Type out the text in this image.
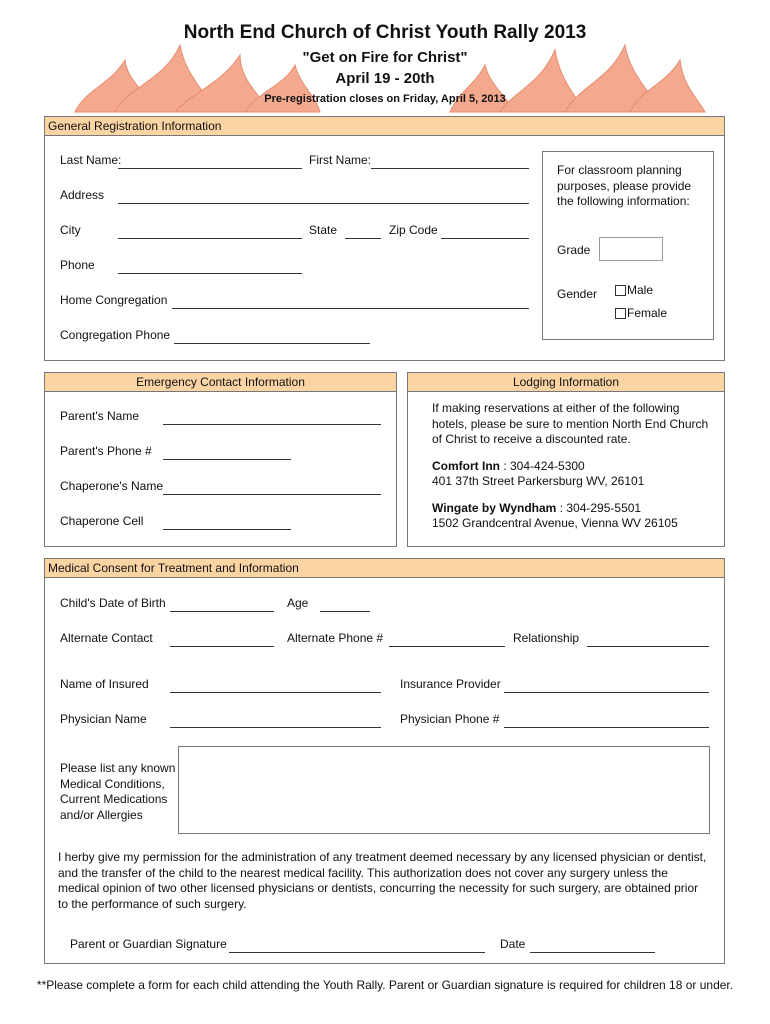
North End Church of Christ Youth Rally 2013
"Get on Fire for Christ"
April 19 - 20th
Pre-registration closes on Friday, April 5, 2013
General Registration Information
Last Name:	First Name:
Address
City	State	Zip Code
Phone
Home Congregation
Congregation Phone
For classroom planning purposes, please provide the following information:
Grade
Gender Male
Female
Emergency Contact Information
Parent's Name
Parent's Phone #
Chaperone's Name
Chaperone Cell
Lodging Information
If making reservations at either of the following hotels, please be sure to mention North End Church of Christ to receive a discounted rate.
Comfort Inn : 304-424-5300
401 37th Street Parkersburg WV, 26101
Wingate by Wyndham : 304-295-5501
1502 Grandcentral Avenue, Vienna WV 26105
Medical Consent for Treatment and Information
Child's Date of Birth	Age
Alternate Contact	Alternate Phone #	Relationship
Name of Insured	Insurance Provider
Physician Name	Physician Phone #
Please list any known Medical Conditions, Current Medications and/or Allergies
I herby give my permission for the administration of any treatment deemed necessary by any licensed physician or dentist, and the transfer of the child to the nearest medical facility. This authorization does not cover any surgery unless the medical opinion of two other licensed physicians or dentists, concurring the necessity for such surgery, are obtained prior to the performance of such surgery.
Parent or Guardian Signature	Date
**Please complete a form for each child attending the Youth Rally. Parent or Guardian signature is required for children 18 or under.
